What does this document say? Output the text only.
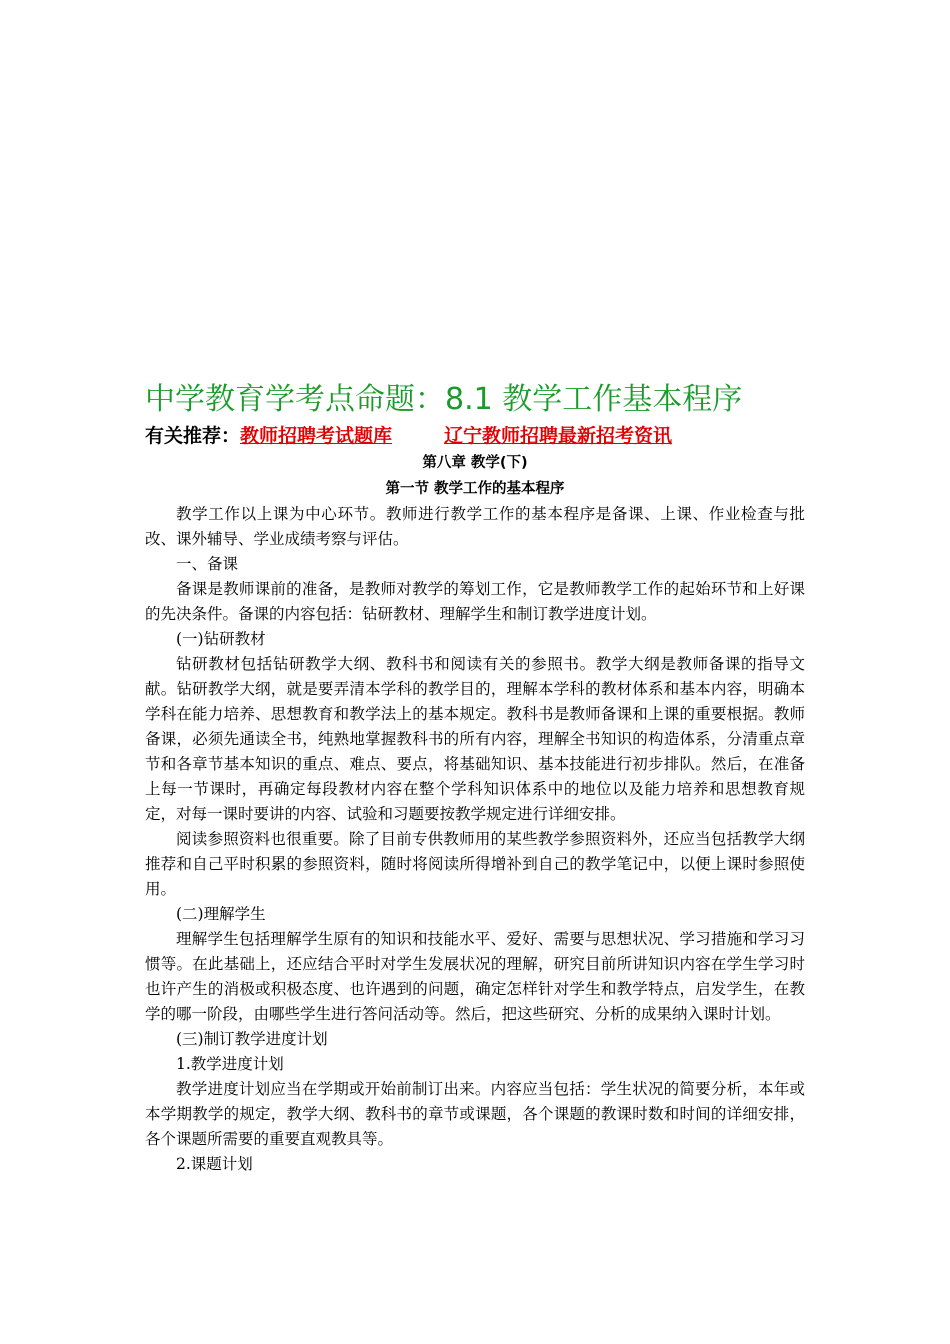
中学教育学考点命题：8.1 教学工作基本程序
有关推荐：教师招聘考试题库	辽宁教师招聘最新招考资讯
第八章 教学(下)
第一节 教学工作的基本程序

教学工作以上课为中心环节。教师进行教学工作的基本程序是备课、上课、作业检查与批改、课外辅导、学业成绩考察与评估。

一、备课

备课是教师课前的准备，是教师对教学的筹划工作，它是教师教学工作的起始环节和上好课的先决条件。备课的内容包括：钻研教材、理解学生和制订教学进度计划。

(一)钻研教材

钻研教材包括钻研教学大纲、教科书和阅读有关的参照书。教学大纲是教师备课的指导文献。钻研教学大纲，就是要弄清本学科的教学目的，理解本学科的教材体系和基本内容，明确本学科在能力培养、思想教育和教学法上的基本规定。教科书是教师备课和上课的重要根据。教师备课，必须先通读全书，纯熟地掌握教科书的所有内容，理解全书知识的构造体系，分清重点章节和各章节基本知识的重点、难点、要点，将基础知识、基本技能进行初步排队。然后，在准备上每一节课时，再确定每段教材内容在整个学科知识体系中的地位以及能力培养和思想教育规定，对每一课时要讲的内容、试验和习题要按教学规定进行详细安排。

阅读参照资料也很重要。除了目前专供教师用的某些教学参照资料外，还应当包括教学大纲推荐和自己平时积累的参照资料，随时将阅读所得增补到自己的教学笔记中，以便上课时参照使用。

(二)理解学生

理解学生包括理解学生原有的知识和技能水平、爱好、需要与思想状况、学习措施和学习习惯等。在此基础上，还应结合平时对学生发展状况的理解，研究目前所讲知识内容在学生学习时也许产生的消极或积极态度、也许遇到的问题，确定怎样针对学生和教学特点，启发学生，在教学的哪一阶段，由哪些学生进行答问活动等。然后，把这些研究、分析的成果纳入课时计划。

(三)制订教学进度计划

1.教学进度计划

教学进度计划应当在学期或开始前制订出来。内容应当包括：学生状况的简要分析，本年或本学期教学的规定，教学大纲、教科书的章节或课题，各个课题的教课时数和时间的详细安排，各个课题所需要的重要直观教具等。

2.课题计划
